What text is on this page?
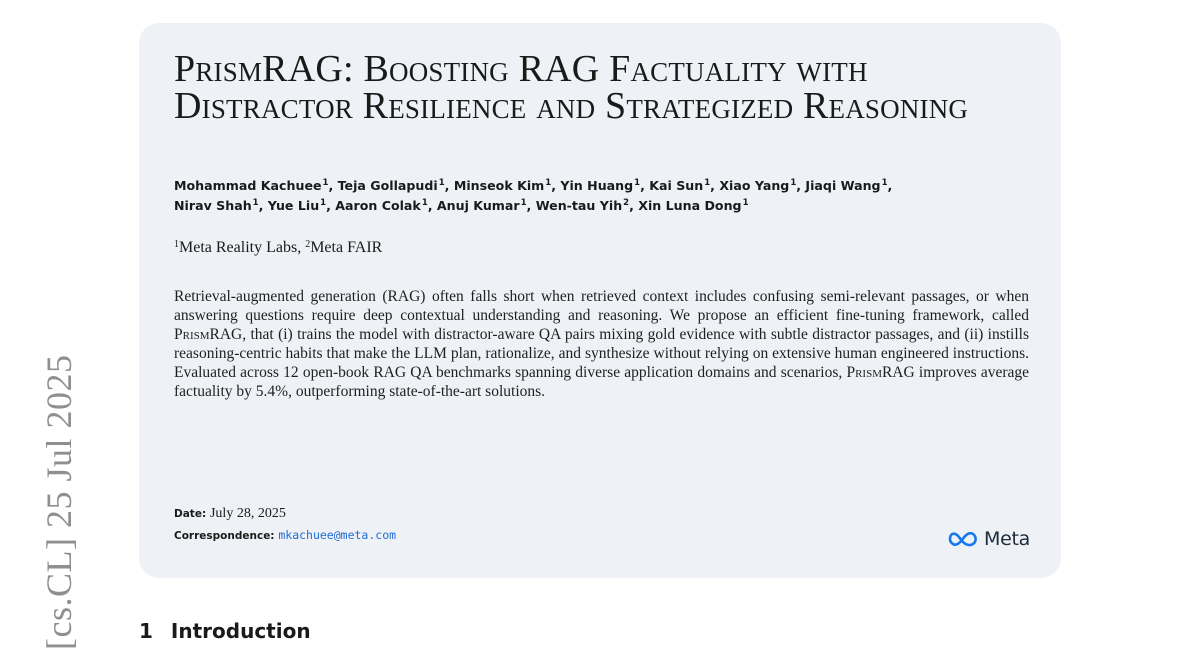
[cs.CL] 25 Jul 2025
PrismRAG: Boosting RAG Factuality with Distractor Resilience and Strategized Reasoning
Mohammad Kachuee$^1$, Teja Gollapudi$^1$, Minseok Kim$^1$, Yin Huang$^1$, Kai Sun$^1$, Xiao Yang$^1$, Jiaqi Wang$^1$,
Nirav Shah$^1$, Yue Liu$^1$, Aaron Colak$^1$, Anuj Kumar$^1$, Wen-tau Yih$^2$, Xin Luna Dong$^1$
$^1$Meta Reality Labs, $^2$Meta FAIR

Retrieval-augmented generation (RAG) often falls short when retrieved context includes confusing semi-relevant passages, or when answering questions require deep contextual understanding and reasoning. We propose an efficient fine-tuning framework, called PrismRAG, that (i) trains the model with distractor-aware QA pairs mixing gold evidence with subtle distractor passages, and (ii) instills reasoning-centric habits that make the LLM plan, rationalize, and synthesize without relying on extensive human engineered instructions. Evaluated across 12 open-book RAG QA benchmarks spanning diverse application domains and scenarios, PrismRAG improves average factuality by 5.4%, outperforming state-of-the-art solutions.

Date: July 28, 2025
Correspondence: mkachuee@meta.com	Meta
1 Introduction
